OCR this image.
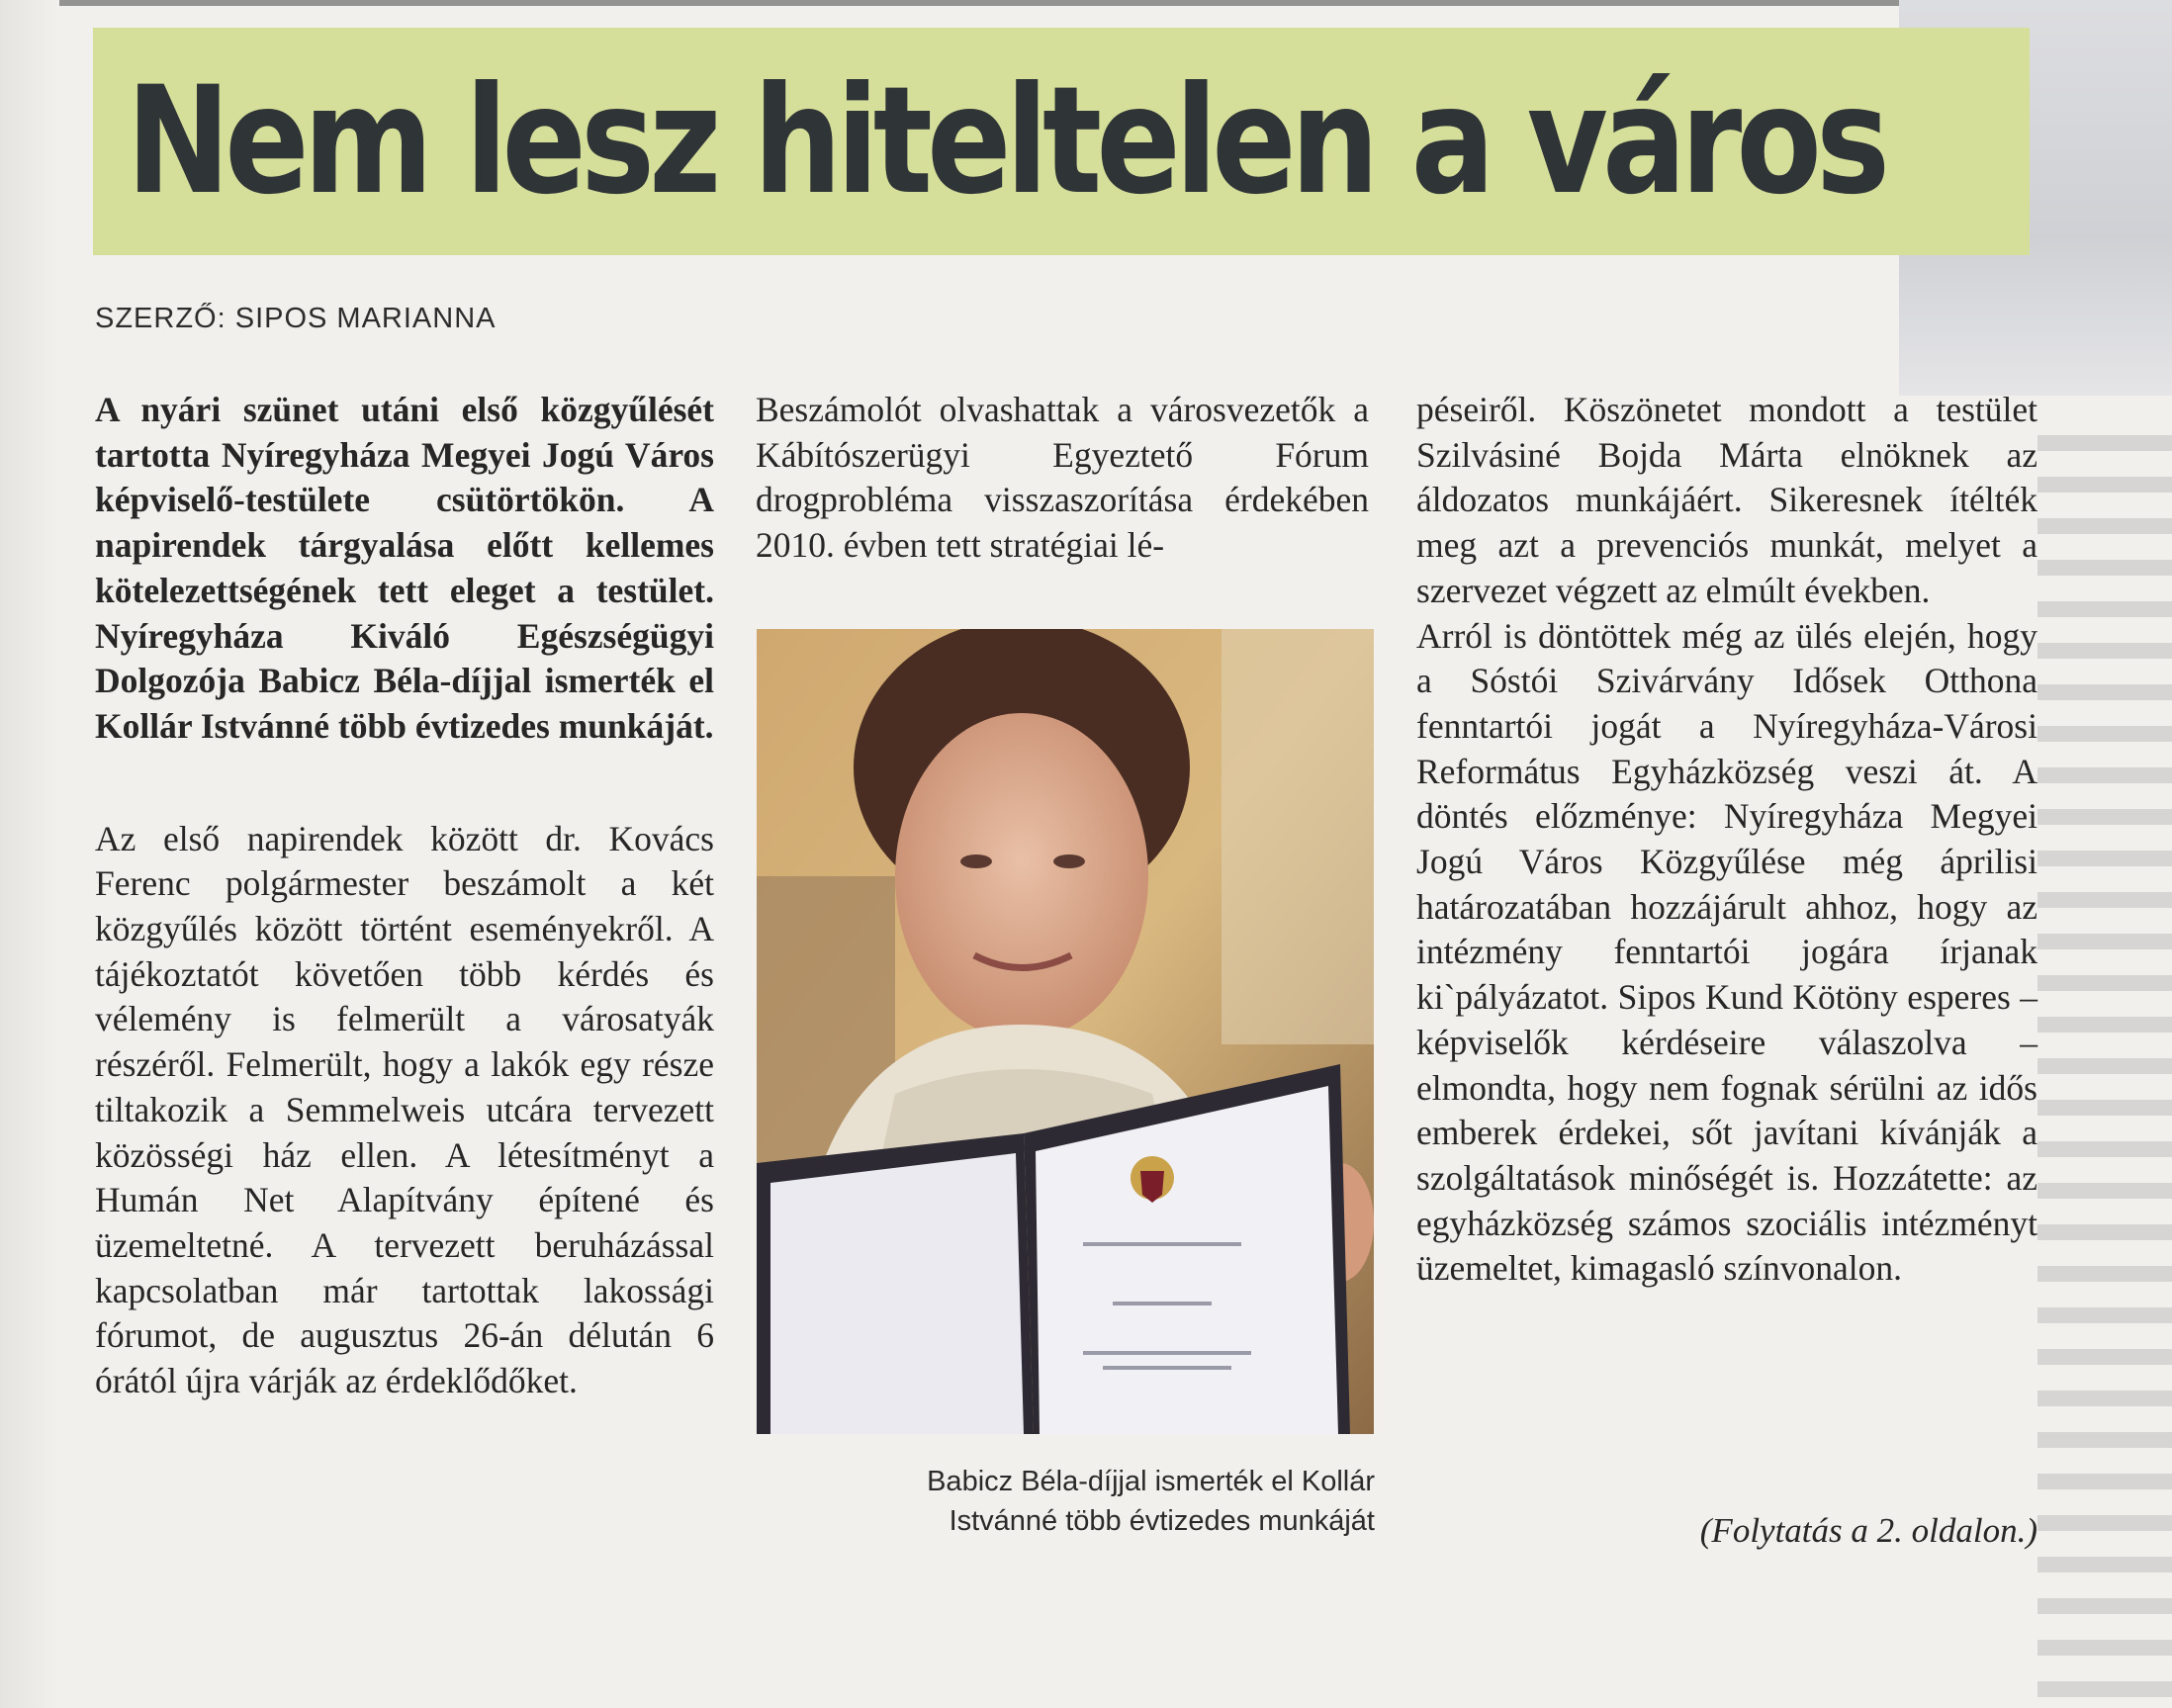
Nem lesz hiteltelen a város
SZERZŐ: SIPOS MARIANNA

A nyári szünet utáni első közgyűlését tartotta Nyíregyháza Megyei Jogú Város képviselő-testülete csütörtökön. A napirendek tárgyalása előtt kellemes kötelezettségének tett eleget a testület. Nyíregyháza Kiváló Egészségügyi Dolgozója Babicz Béla-díjjal ismerték el Kollár Istvánné több évtizedes munkáját.

Az első napirendek között dr. Kovács Ferenc polgármester beszámolt a két közgyűlés között történt eseményekről. A tájékoztatót követően több kérdés és vélemény is felmerült a városatyák részéről. Felmerült, hogy a lakók egy része tiltakozik a Semmelweis utcára tervezett közösségi ház ellen. A létesítményt a Humán Net Alapítvány építené és üzemeltetné. A tervezett beruházással kapcsolatban már tartottak lakossági fórumot, de augusztus 26-án délután 6 órától újra várják az érdeklődőket.

Beszámolót olvashattak a városvezetők a Kábítószerügyi Egyeztető Fórum drogprobléma visszaszorítása érdekében 2010. évben tett stratégiai lé-

Babicz Béla-díjjal ismerték el Kollár
Istvánné több évtizedes munkáját

péseiről. Köszönetet mondott a testület Szilvásiné Bojda Márta elnöknek az áldozatos munkájáért. Sikeresnek ítélték meg azt a prevenciós munkát, melyet a szervezet végzett az elmúlt években.

Arról is döntöttek még az ülés elején, hogy a Sóstói Szivárvány Idősek Otthona fenntartói jogát a Nyíregyháza-Városi Református Egyházközség veszi át. A döntés előzménye: Nyíregyháza Megyei Jogú Város Közgyűlése még áprilisi határozatában hozzájárult ahhoz, hogy az intézmény fenntartói jogára írjanak ki`pályázatot. Sipos Kund Kötöny esperes – képviselők kérdéseire válaszolva – elmondta, hogy nem fognak sérülni az idős emberek érdekei, sőt javítani kívánják a szolgáltatások minőségét is. Hozzátette: az egyházközség számos szociális intézményt üzemeltet, kimagasló színvonalon.

(Folytatás a 2. oldalon.)
